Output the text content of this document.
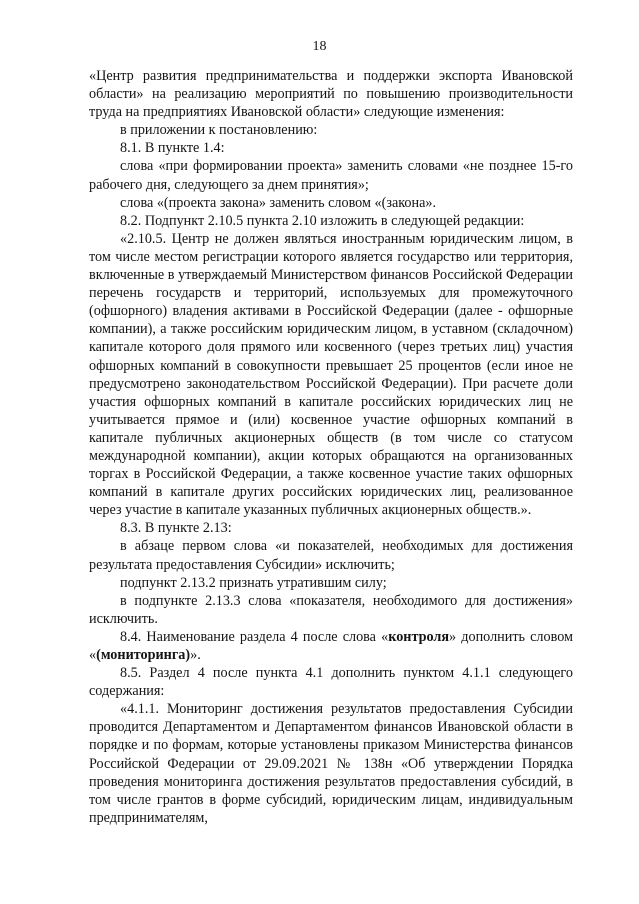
18

«Центр развития предпринимательства и поддержки экспорта Ивановской области» на реализацию мероприятий по повышению производительности труда на предприятиях Ивановской области» следующие изменения:

в приложении к постановлению:

8.1. В пункте 1.4:

слова «при формировании проекта» заменить словами «не позднее 15-го рабочего дня, следующего за днем принятия»;

слова «(проекта закона» заменить словом «(закона».

8.2. Подпункт 2.10.5 пункта 2.10 изложить в следующей редакции:

«2.10.5. Центр не должен являться иностранным юридическим лицом, в том числе местом регистрации которого является государство или территория, включенные в утверждаемый Министерством финансов Российской Федерации перечень государств и территорий, используемых для промежуточного (офшорного) владения активами в Российской Федерации (далее - офшорные компании), а также российским юридическим лицом, в уставном (складочном) капитале которого доля прямого или косвенного (через третьих лиц) участия офшорных компаний в совокупности превышает 25 процентов (если иное не предусмотрено законодательством Российской Федерации). При расчете доли участия офшорных компаний в капитале российских юридических лиц не учитывается прямое и (или) косвенное участие офшорных компаний в капитале публичных акционерных обществ (в том числе со статусом международной компании), акции которых обращаются на организованных торгах в Российской Федерации, а также косвенное участие таких офшорных компаний в капитале других российских юридических лиц, реализованное через участие в капитале указанных публичных акционерных обществ.».

8.3. В пункте 2.13:

в абзаце первом слова «и показателей, необходимых для достижения результата предоставления Субсидии» исключить;

подпункт 2.13.2 признать утратившим силу;

в подпункте 2.13.3 слова «показателя, необходимого для достижения» исключить.

8.4. Наименование раздела 4 после слова «контроля» дополнить словом «(мониторинга)».

8.5. Раздел 4 после пункта 4.1 дополнить пунктом 4.1.1 следующего содержания:

«4.1.1. Мониторинг достижения результатов предоставления Субсидии проводится Департаментом и Департаментом финансов Ивановской области в порядке и по формам, которые установлены приказом Министерства финансов Российской Федерации от 29.09.2021 № 138н «Об утверждении Порядка проведения мониторинга достижения результатов предоставления субсидий, в том числе грантов в форме субсидий, юридическим лицам, индивидуальным предпринимателям,
